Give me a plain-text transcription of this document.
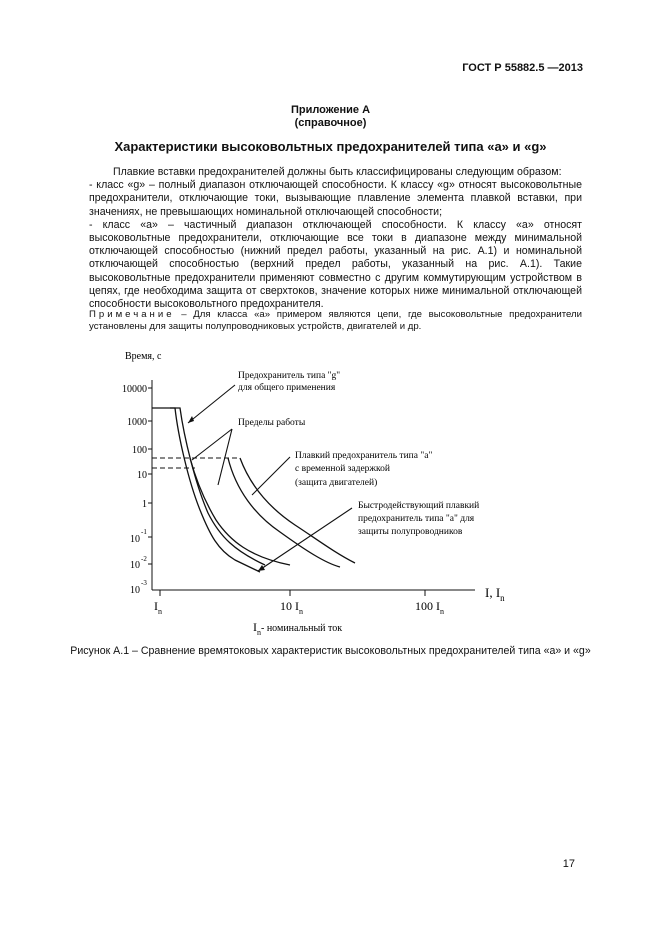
ГОСТ Р 55882.5 —2013
Приложение А
(справочное)
Характеристики высоковольтных предохранителей типа «a» и «g»

Плавкие вставки предохранителей должны быть классифицированы следующим образом:

- класс «g» – полный диапазон отключающей способности. К классу «g» относят высоковольтные предохранители, отключающие токи, вызывающие плавление элемента плавкой вставки, при значениях, не превышающих номинальной отключающей способности;

- класс «a» – частичный диапазон отключающей способности. К классу «a» относят высоковольтные предохранители, отключающие все токи в диапазоне между минимальной отключающей способностью (нижний предел работы, указанный на рис. А.1) и номинальной отключающей способностью (верхний предел работы, указанный на рис. А.1). Такие высоковольтные предохранители применяют совместно с другим коммутирующим устройством в цепях, где необходима защита от сверхтоков, значение которых ниже минимальной отключающей способности высоковольтного предохранителя.

Примечание – Для класса «а» примером являются цепи, где высоковольтные предохранители установлены для защиты полупроводниковых устройств, двигателей и др.
Время, с
10000
1000
100
10
1
10
10
10
-1
-2
-3
$I_n$	10 $I_n$	100 $I_n$
I, $I_n$
$I_n-$ номинальный ток
Предохранитель типа "g"
для общего применения
Пределы работы
Плавкий предохранитель типа "a"
с временной задержкой
(защита двигателей)
Быстродействующий плавкий
предохранитель типа "a" для
защиты полупроводников
Рисунок А.1 – Сравнение времятоковых характеристик высоковольтных предохранителей типа «a» и «g»
17
